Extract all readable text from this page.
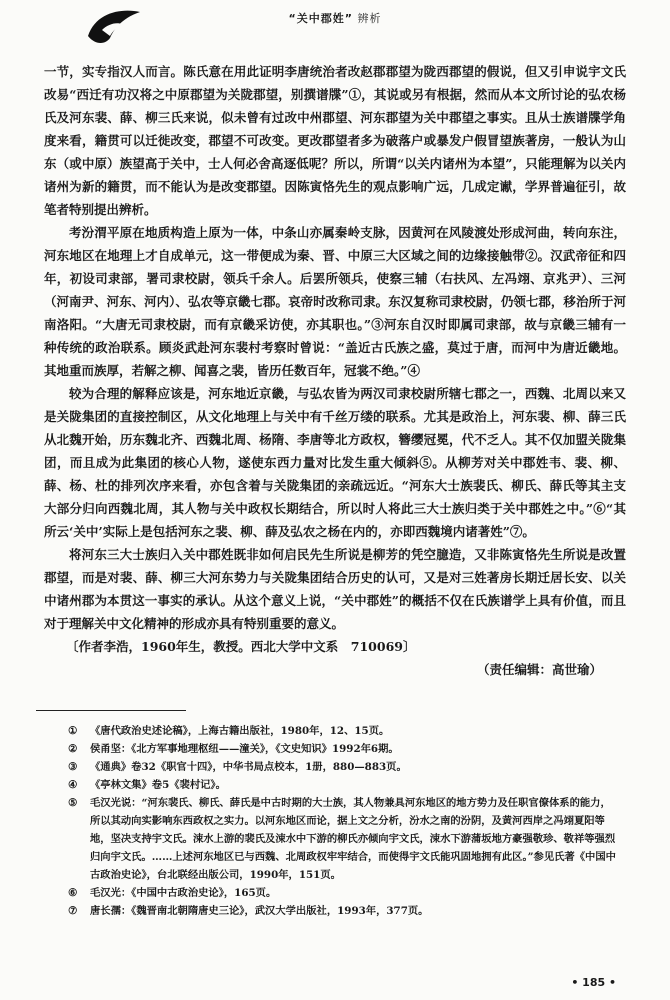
“关中郡姓” 辨析

一节，实专指汉人而言。陈氏意在用此证明李唐统治者改赵郡郡望为陇西郡望的假说，但又引申说宇文氏改易“西迁有功汉将之中原郡望为关陇郡望，别撰谱牒”①，其说或另有根据，然而从本文所讨论的弘农杨氏及河东裴、薛、柳三氏来说，似未曾有过改中州郡望、河东郡望为关中郡望之事实。且从士族谱牒学角度来看，籍贯可以迁徙改变，郡望不可改变。更改郡望者多为破落户或暴发户假冒望族著房，一般认为山东（或中原）族望高于关中，士人何必舍高逐低呢？所以，所谓“以关内诸州为本望”，只能理解为以关内诸州为新的籍贯，而不能认为是改变郡望。因陈寅恪先生的观点影响广远，几成定谳，学界普遍征引，故笔者特别提出辨析。

考汾渭平原在地质构造上原为一体，中条山亦属秦岭支脉，因黄河在风陵渡处形成河曲，转向东注，河东地区在地理上才自成单元，这一带便成为秦、晋、中原三大区域之间的边缘接触带②。汉武帝征和四年，初设司隶部，署司隶校尉，领兵千余人。后罢所领兵，使察三辅（右扶风、左冯翊、京兆尹）、三河（河南尹、河东、河内）、弘农等京畿七郡。哀帝时改称司隶。东汉复称司隶校尉，仍领七郡，移治所于河南洛阳。“大唐无司隶校尉，而有京畿采访使，亦其职也。”③河东自汉时即属司隶部，故与京畿三辅有一种传统的政治联系。顾炎武赴河东裴村考察时曾说：“盖近古氏族之盛，莫过于唐，而河中为唐近畿地。其地重而族厚，若解之柳、闻喜之裴，皆历任数百年，冠裳不绝。”④

较为合理的解释应该是，河东地近京畿，与弘农皆为两汉司隶校尉所辖七郡之一，西魏、北周以来又是关陇集团的直接控制区，从文化地理上与关中有千丝万缕的联系。尤其是政治上，河东裴、柳、薛三氏从北魏开始，历东魏北齐、西魏北周、杨隋、李唐等北方政权，簪缨冠冕，代不乏人。其不仅加盟关陇集团，而且成为此集团的核心人物，遂使东西力量对比发生重大倾斜⑤。从柳芳对关中郡姓韦、裴、柳、薛、杨、杜的排列次序来看，亦包含着与关陇集团的亲疏远近。“河东大士族裴氏、柳氏、薛氏等其主支大部分归向西魏北周，其人物与关中政权长期结合，所以时人将此三大士族归类于关中郡姓之中。”⑥“其所云‘关中’实际上是包括河东之裴、柳、薛及弘农之杨在内的，亦即西魏境内诸著姓”⑦。

将河东三大士族归入关中郡姓既非如何启民先生所说是柳芳的凭空臆造，又非陈寅恪先生所说是改置郡望，而是对裴、薛、柳三大河东势力与关陇集团结合历史的认可，又是对三姓著房长期迁居长安、以关中诸州郡为本贯这一事实的承认。从这个意义上说，“关中郡姓”的概括不仅在氏族谱学上具有价值，而且对于理解关中文化精神的形成亦具有特别重要的意义。

〔作者李浩，1960年生，教授。西北大学中文系　710069〕

（责任编辑：高世瑜）

① 《唐代政治史述论稿》，上海古籍出版社，1980年，12、15页。
② 侯甬坚：《北方军事地理枢纽——潼关》，《文史知识》1992年6期。
③ 《通典》卷32《职官十四》，中华书局点校本，1册，880—883页。
④ 《亭林文集》卷5《裴村记》。
⑤ 毛汉光说：“河东裴氏、柳氏、薛氏是中古时期的大士族，其人物兼具河东地区的地方势力及任职官僚体系的能力，所以其动向实影响东西政权之实力。以河东地区而论，据上文之分析，汾水之南的汾阴，及黄河西岸之冯翊夏阳等地，坚决支持宇文氏。涑水上游的裴氏及涑水中下游的柳氏亦倾向宇文氏，涑水下游蒲坂地方豪强敬珍、敬祥等强烈归向宇文氏。……上述河东地区已与西魏、北周政权牢牢结合，而使得宇文氏能巩固地拥有此区。”参见氏著《中国中古政治史论》，台北联经出版公司，1990年，151页。
⑥ 毛汉光：《中国中古政治史论》，165页。
⑦ 唐长孺：《魏晋南北朝隋唐史三论》，武汉大学出版社，1993年，377页。
• 185 •
